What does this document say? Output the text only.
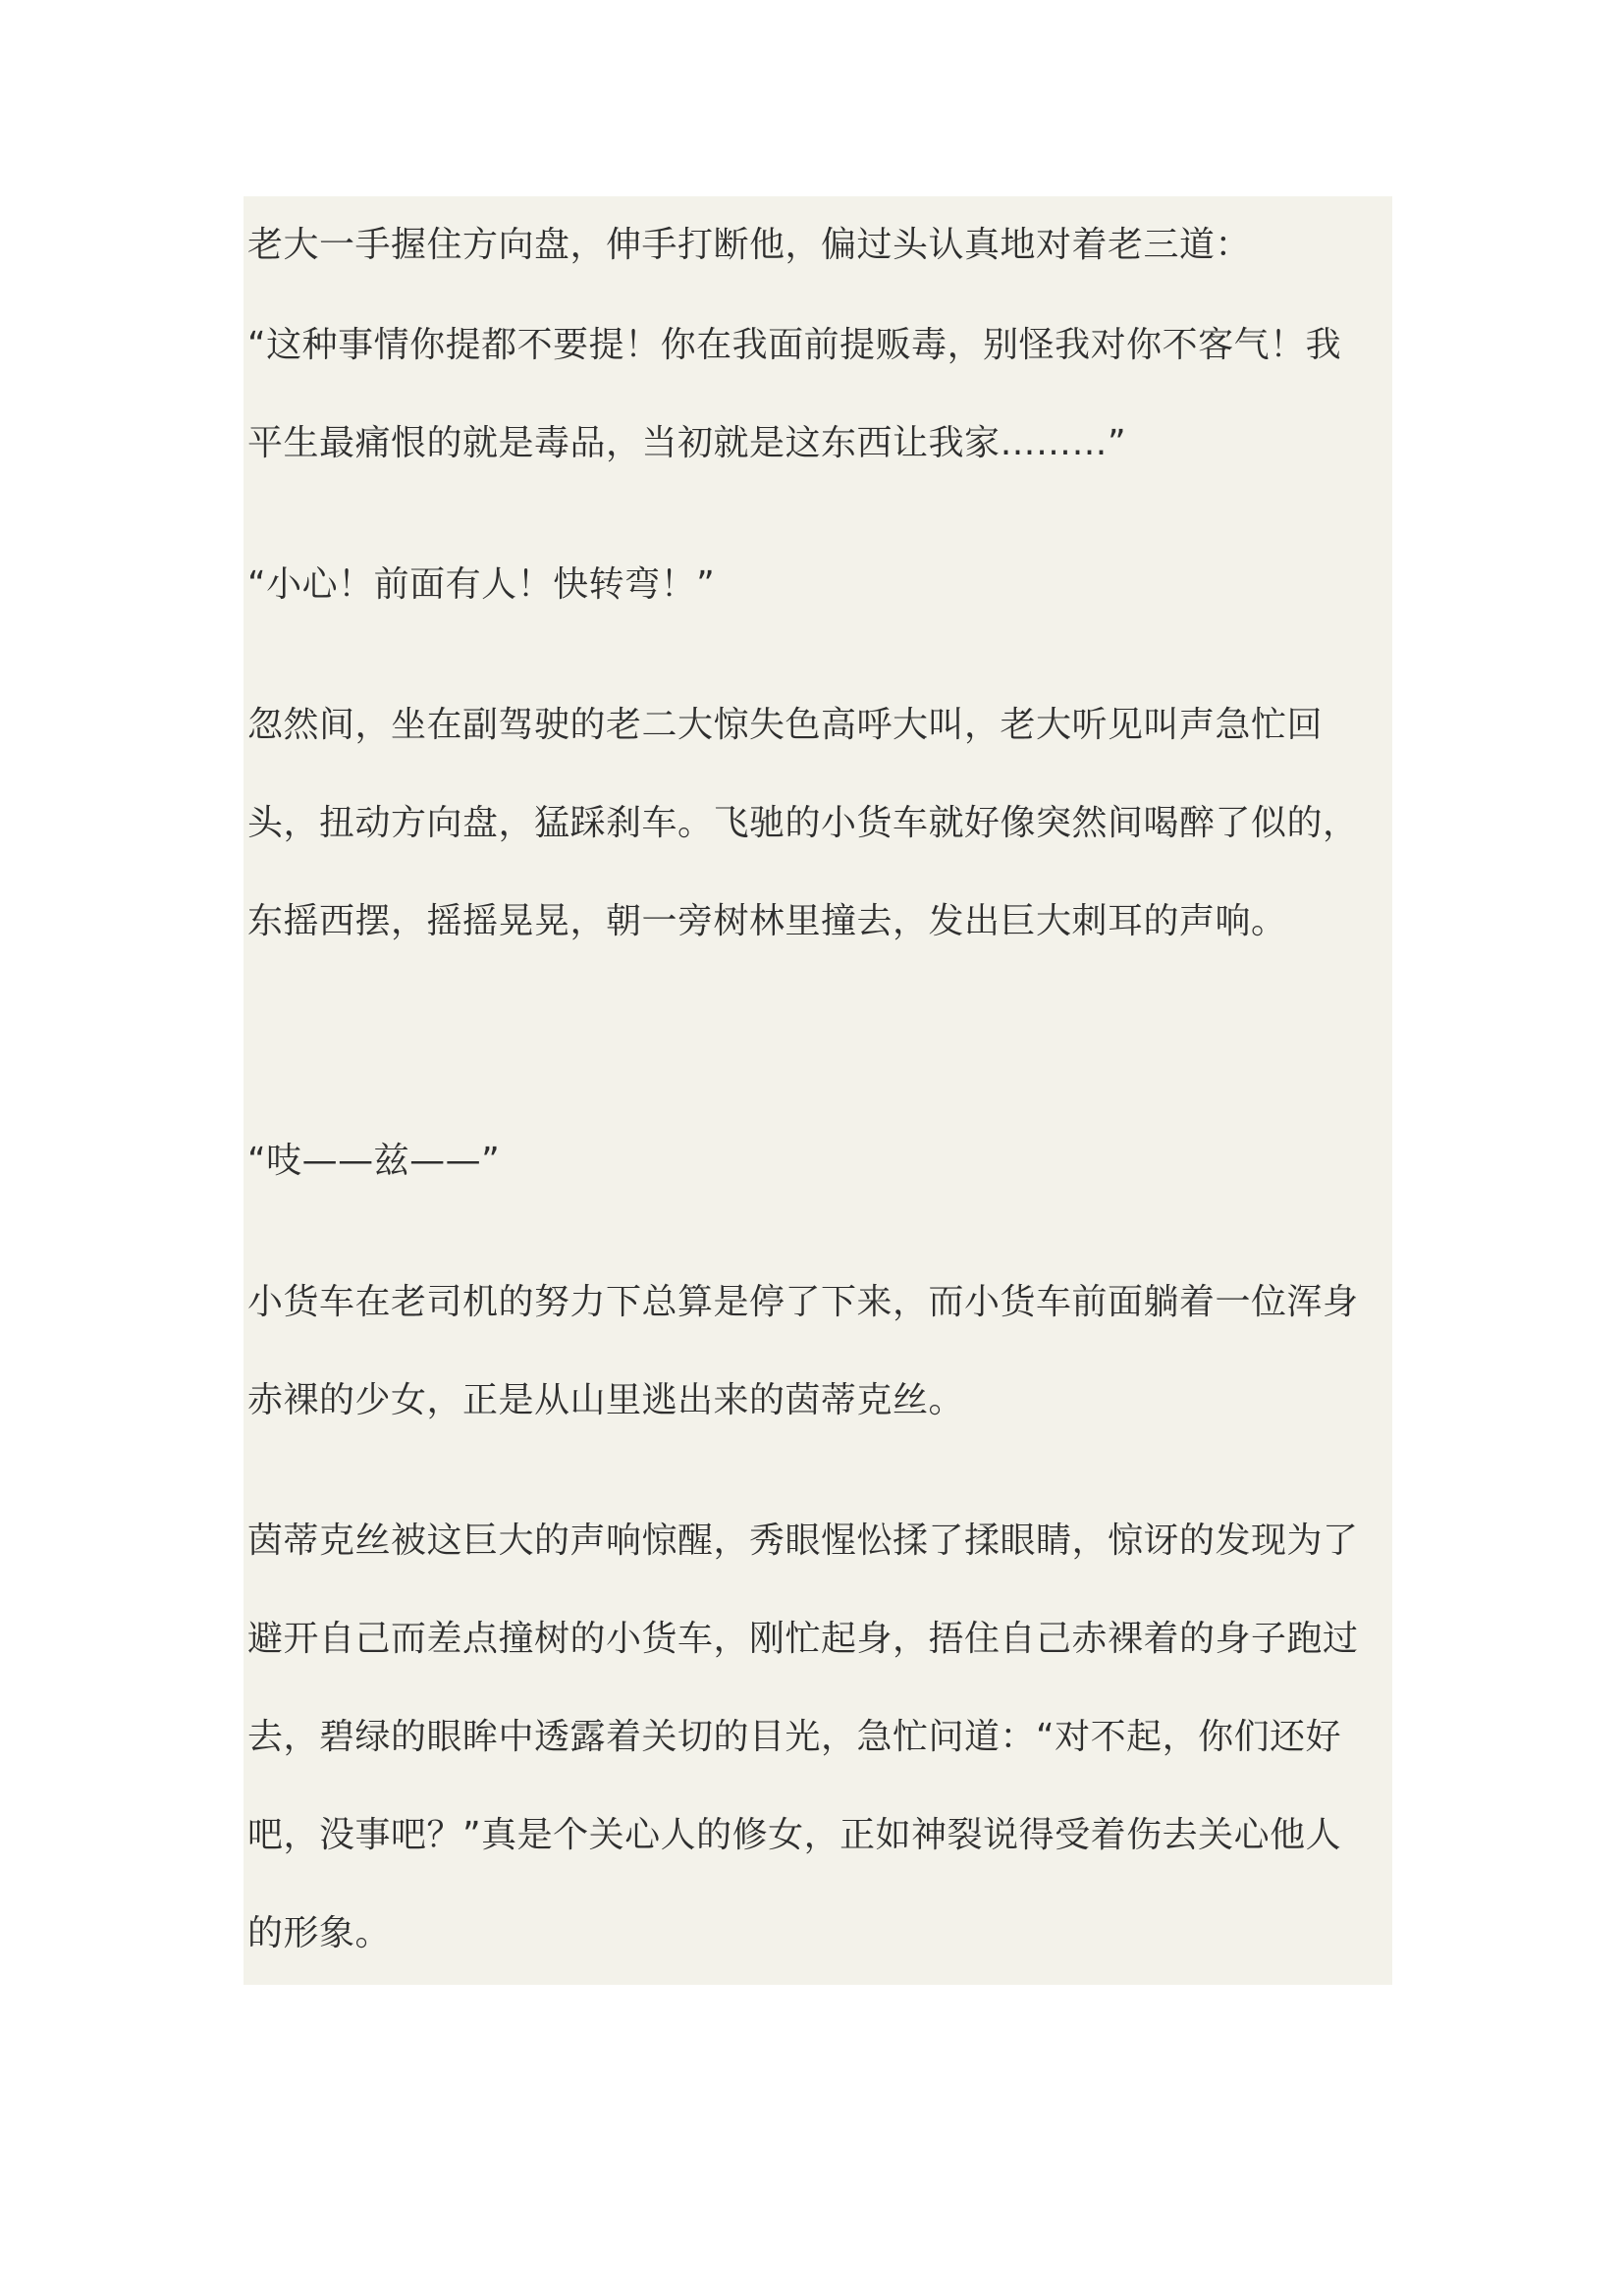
老大一手握住方向盘，伸手打断他，偏过头认真地对着老三道：

“这种事情你提都不要提！你在我面前提贩毒，别怪我对你不客气！我平生最痛恨的就是毒品，当初就是这东西让我家………”

“小心！前面有人！快转弯！”

忽然间，坐在副驾驶的老二大惊失色高呼大叫，老大听见叫声急忙回头，扭动方向盘，猛踩刹车。飞驰的小货车就好像突然间喝醉了似的，东摇西摆，摇摇晃晃，朝一旁树林里撞去，发出巨大刺耳的声响。

“吱——兹——”

小货车在老司机的努力下总算是停了下来，而小货车前面躺着一位浑身赤裸的少女，正是从山里逃出来的茵蒂克丝。

茵蒂克丝被这巨大的声响惊醒，秀眼惺忪揉了揉眼睛，惊讶的发现为了避开自己而差点撞树的小货车，刚忙起身，捂住自己赤裸着的身子跑过去，碧绿的眼眸中透露着关切的目光，急忙问道：“对不起，你们还好吧，没事吧？”真是个关心人的修女，正如神裂说得受着伤去关心他人的形象。
